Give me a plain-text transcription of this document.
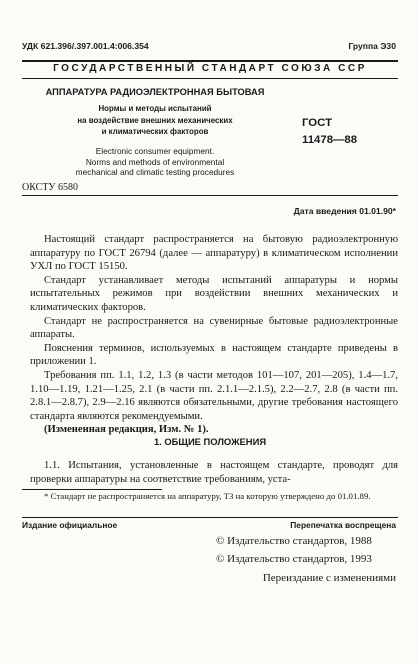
УДК 621.396/.397.001.4:006.354	Группа Э30
ГОСУДАРСТВЕННЫЙ СТАНДАРТ СОЮЗА ССР
АППАРАТУРА РАДИОЭЛЕКТРОННАЯ БЫТОВАЯ
Нормы и методы испытаний
на воздействие внешних механических
и климатических факторов
Electronic consumer equipment.
Norms and methods of environmental
mechanical and climatic testing procedures
ГОСТ
11478—88
ОКСТУ 6580
Дата введения 01.01.90*

Настоящий стандарт распространяется на бытовую радиоэлектронную аппаратуру по ГОСТ 26794 (далее — аппаратуру) в климатическом исполнении УХЛ по ГОСТ 15150.

Стандарт устанавливает методы испытаний аппаратуры и нормы испытательных режимов при воздействии внешних механических и климатических факторов.

Стандарт не распространяется на сувенирные бытовые радиоэлектронные аппараты.

Пояснения терминов, используемых в настоящем стандарте приведены в приложении 1.

Требования пп. 1.1, 1.2, 1.3 (в части методов 101—107, 201—205), 1.4—1.7, 1.10—1.19, 1.21—1.25, 2.1 (в части пп. 2.1.1—2.1.5), 2.2—2.7, 2.8 (в части пп. 2.8.1—2.8.7), 2.9—2.16 являются обязательными, другие требования настоящего стандарта являются рекомендуемыми.

(Измененная редакция, Изм. № 1).

1. ОБЩИЕ ПОЛОЖЕНИЯ

1.1. Испытания, установленные в настоящем стандарте, проводят для проверки аппаратуры на соответствие требованиям, уста-

* Стандарт не распространяется на аппаратуру, ТЗ на которую утверждено до 01.01.89.
Издание официальное	Перепечатка воспрещена
© Издательство стандартов, 1988
© Издательство стандартов, 1993
Переиздание с изменениями
